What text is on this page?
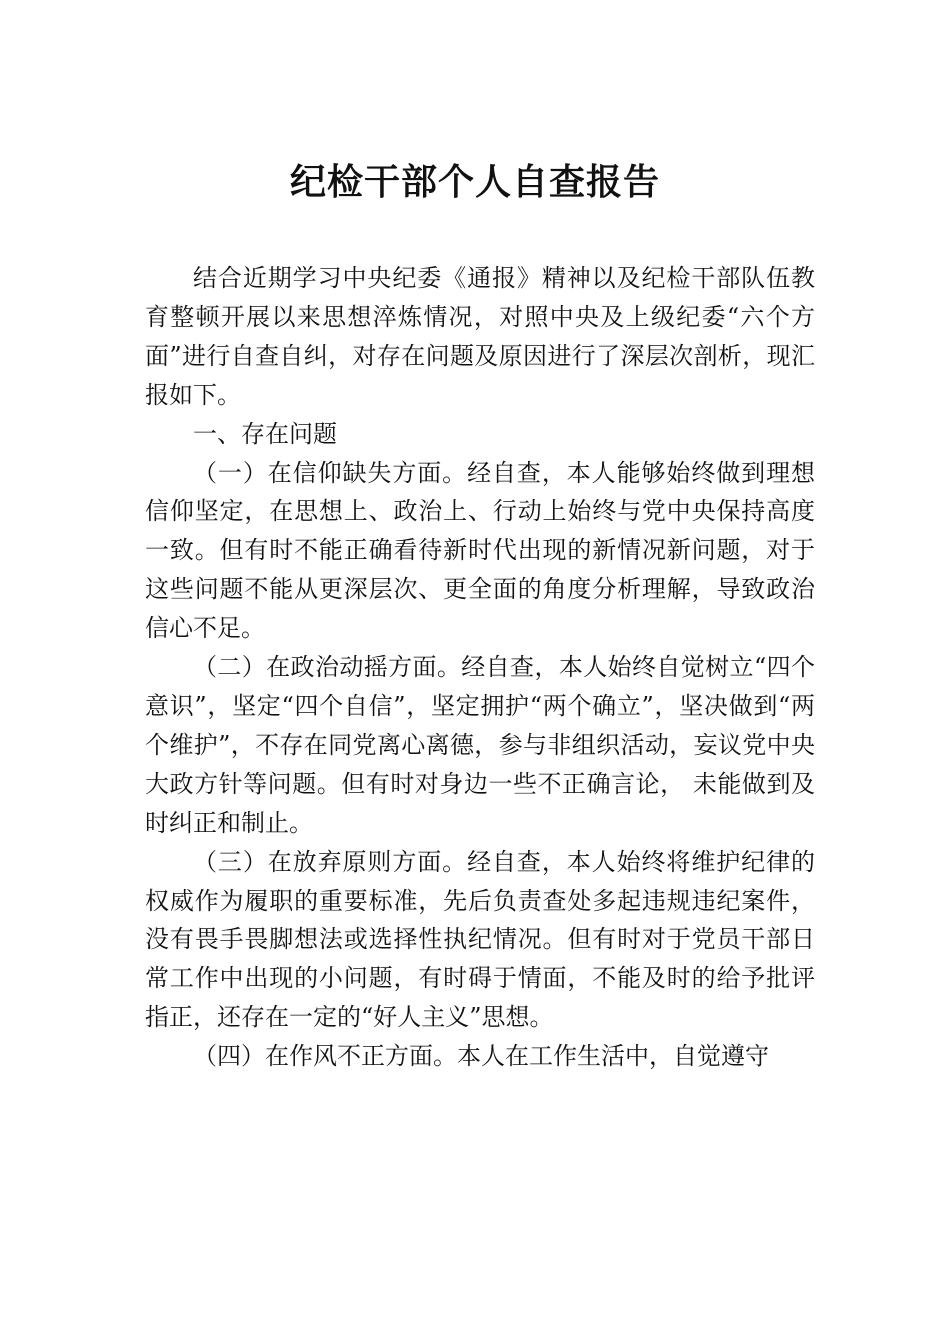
纪检干部个人自查报告

结合近期学习中央纪委《通报》精神以及纪检干部队伍教育整顿开展以来思想淬炼情况，对照中央及上级纪委“六个方面”进行自查自纠，对存在问题及原因进行了深层次剖析，现汇报如下。

一、存在问题

（一）在信仰缺失方面。经自查，本人能够始终做到理想信仰坚定，在思想上、政治上、行动上始终与党中央保持高度一致。但有时不能正确看待新时代出现的新情况新问题，对于这些问题不能从更深层次、更全面的角度分析理解，导致政治信心不足。

（二）在政治动摇方面。经自查，本人始终自觉树立“四个意识”，坚定“四个自信”，坚定拥护“两个确立”，坚决做到“两个维护”，不存在同党离心离德，参与非组织活动，妄议党中央大政方针等问题。但有时对身边一些不正确言论， 未能做到及时纠正和制止。

（三）在放弃原则方面。经自查，本人始终将维护纪律的权威作为履职的重要标准，先后负责查处多起违规违纪案件，没有畏手畏脚想法或选择性执纪情况。但有时对于党员干部日常工作中出现的小问题，有时碍于情面，不能及时的给予批评指正，还存在一定的“好人主义”思想。

（四）在作风不正方面。本人在工作生活中，自觉遵守
